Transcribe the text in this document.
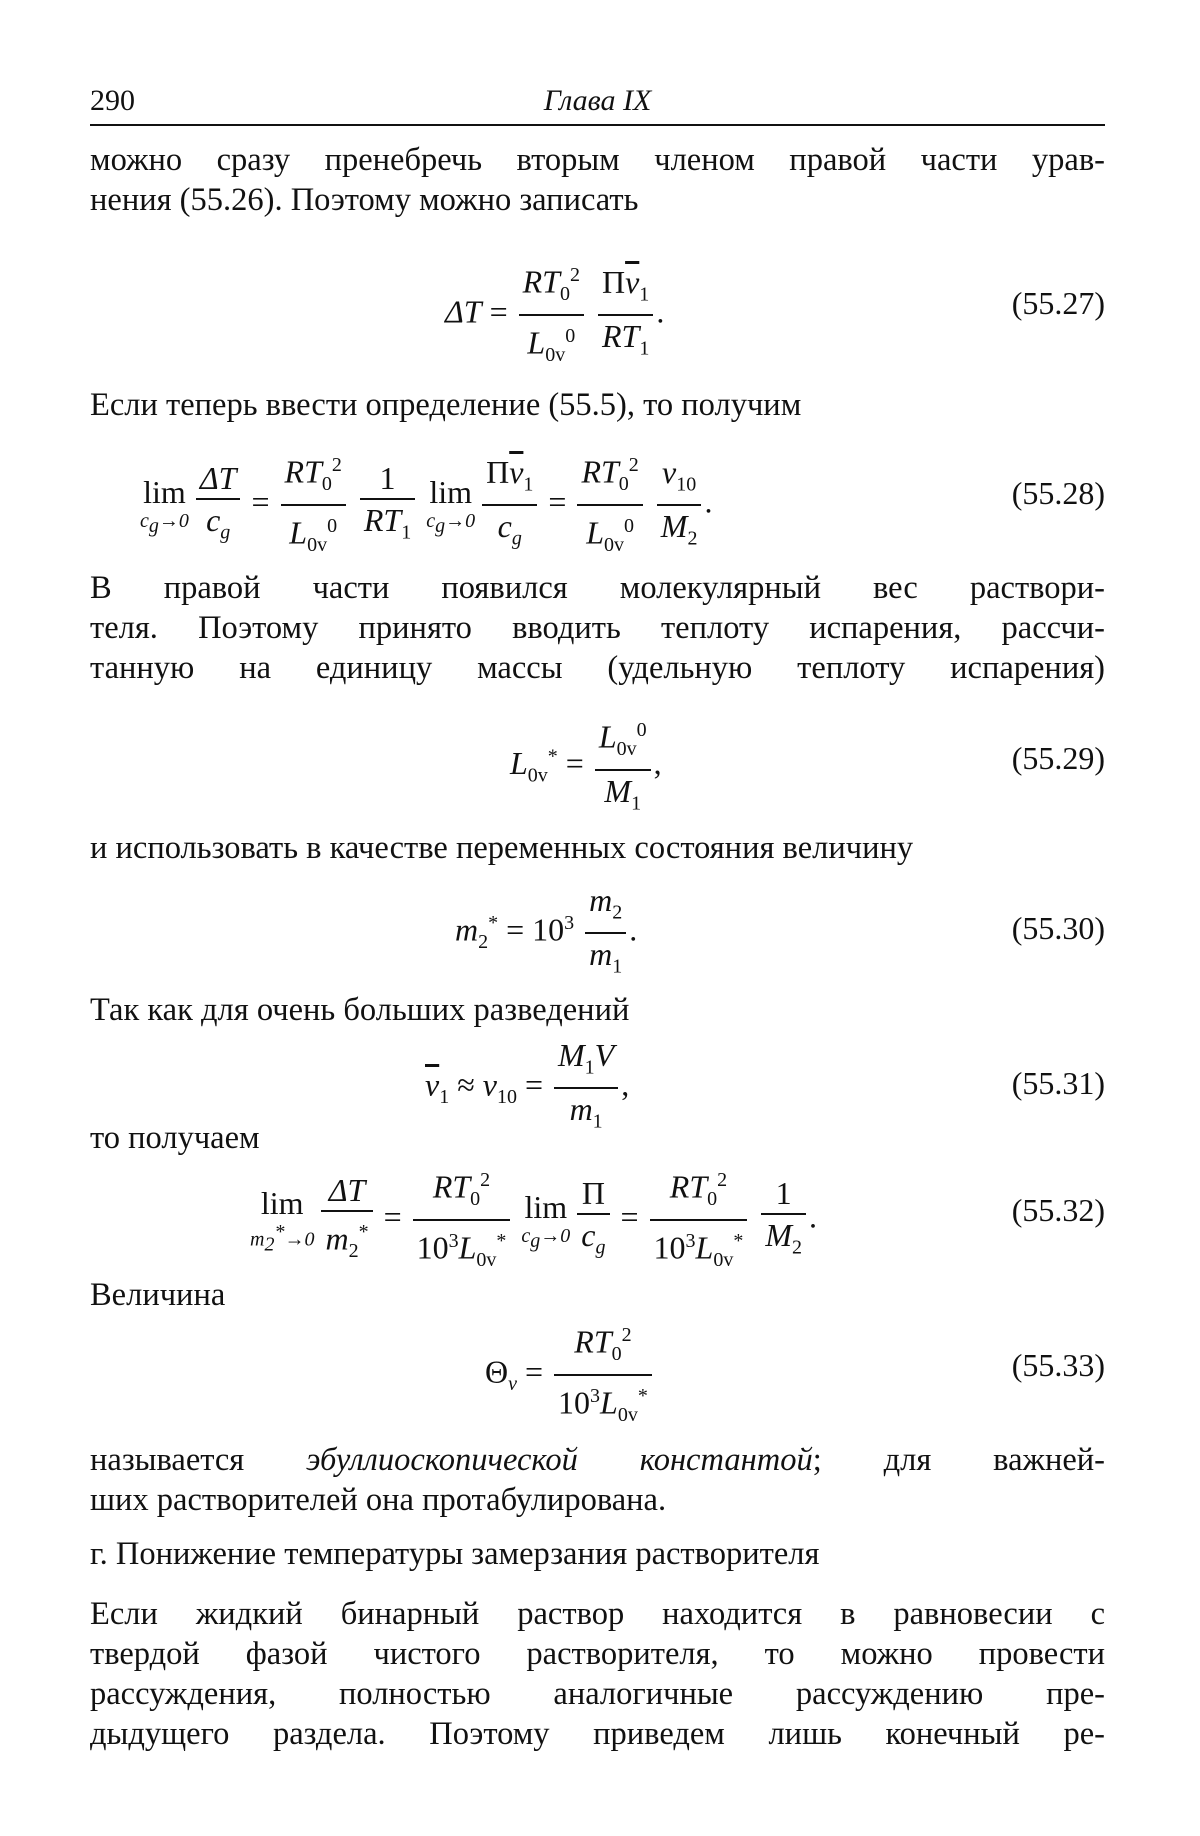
290	Глава IX
можно сразу пренебречь вторым членом правой части урав-
нения (55.26). Поэтому можно записать
$\Delta T = \frac{RT_0^2}{L_{0v}^0}$
$\frac{\Pi\overline{v}_1}{RT_1}$ .	(55.27)
Если теперь ввести определение (55.5), то получим
lim
$c_g\to 0 \frac{\Delta T}{c_g} = \frac{RT_0^2}{L_{0v}^0}$
$\frac{1}{RT_1}$
lim
$c_g\to 0 \frac{\Pi\overline{v}_1}{c_g} = \frac{RT_0^2}{L_{0v}^0}$
$\frac{v_{10}}{M_2}$ .	(55.28)
В правой части появился молекулярный вес раствори-
теля. Поэтому принято вводить теплоту испарения, рассчи-
танную на единицу массы (удельную теплоту испарения)
$L_{0v}^* = \frac{L_{0v}^0}{M_1}$ ,	(55.29)
и использовать в качестве переменных состояния величину
$m_2^* = 10^3 \frac{m_2}{m_1}$ .	(55.30)
Так как для очень больших разведений
$\overline{v}_1 \approx v_{10} = \frac{M_1V}{m_1}$ ,	(55.31)
то получаем
lim
$m_2^*\to 0 \frac{\Delta T}{m_2^*} = \frac{RT_0^2}{10^3L_{0v}^*}$
lim
$c_g\to 0 \frac{\Pi}{c_g} = \frac{RT_0^2}{10^3L_{0v}^*}$
$\frac{1}{M_2}$ .	(55.32)
Величина
$\Theta_v = \frac{RT_0^2}{10^3L_{0v}^*}$	(55.33)
называется эбуллиоскопической константой; для важней-
ших растворителей она протабулирована.
г. Понижение температуры замерзания растворителя
Если жидкий бинарный раствор находится в равновесии с
твердой фазой чистого растворителя, то можно провести
рассуждения, полностью аналогичные рассуждению пре-
дыдущего раздела. Поэтому приведем лишь конечный ре-
